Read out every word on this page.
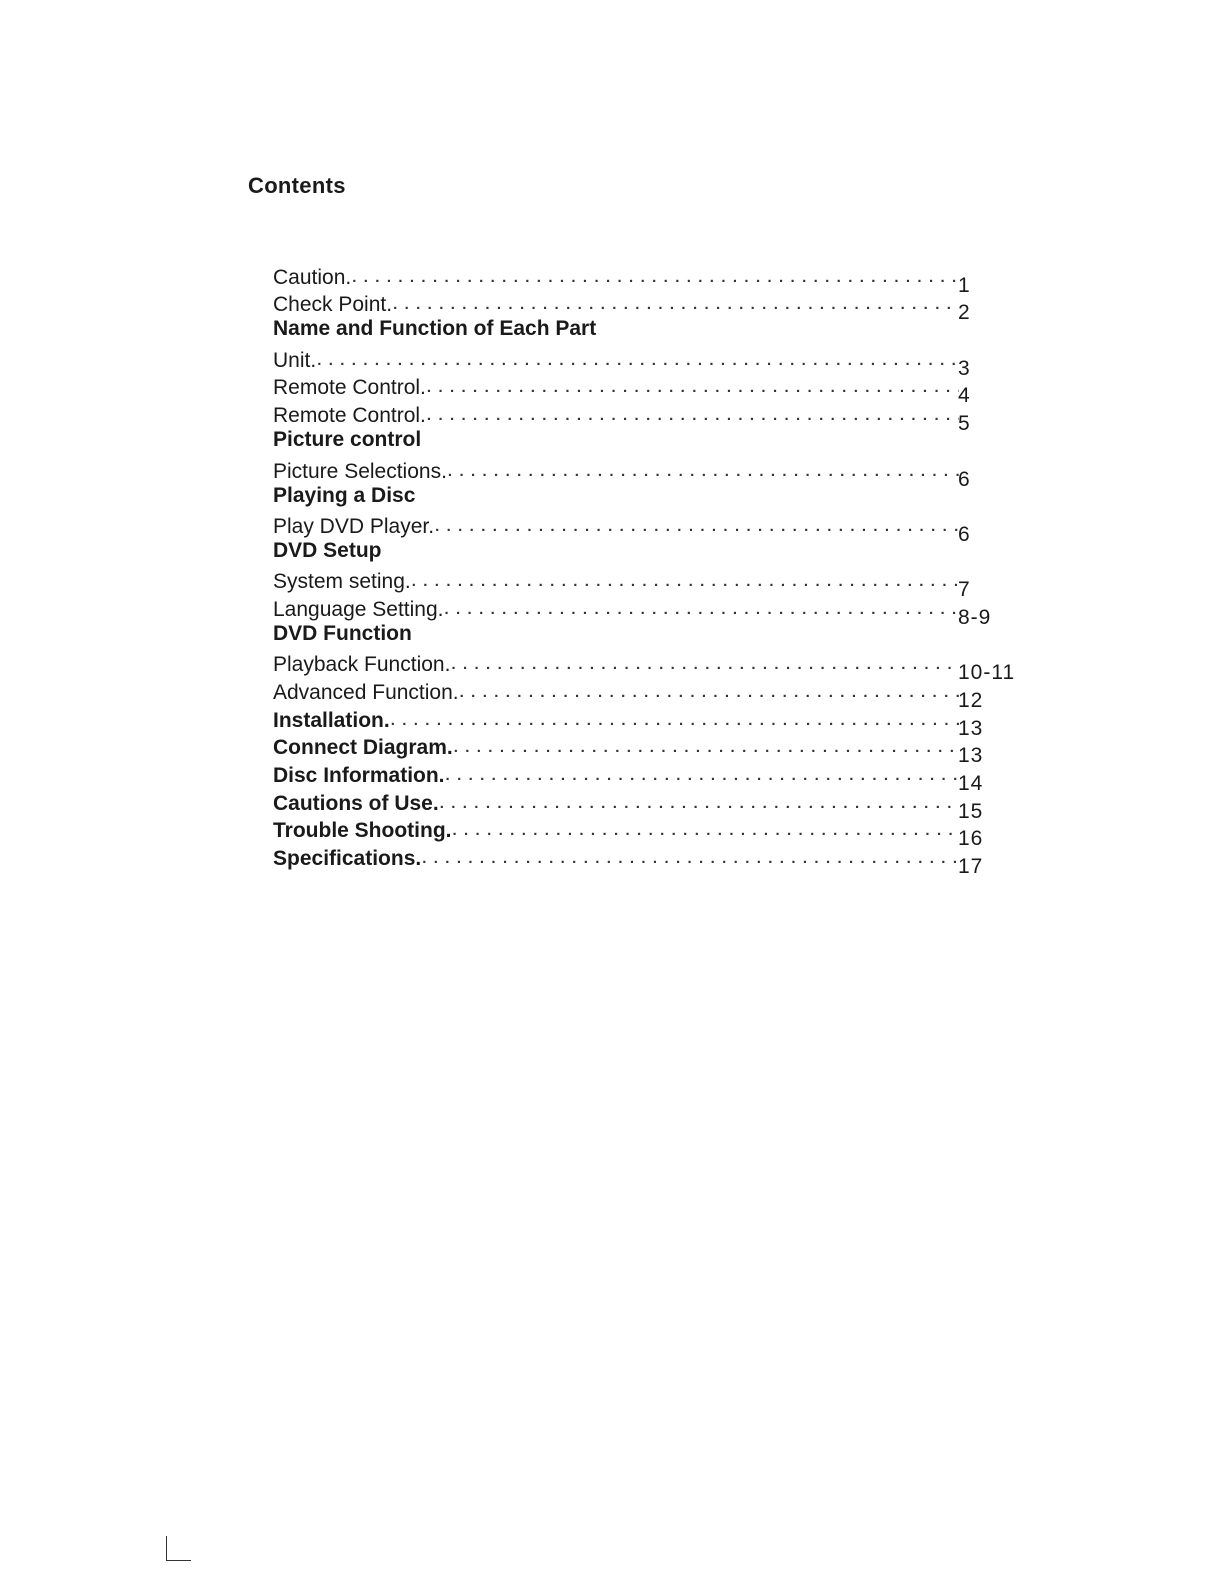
Contents
Caution. . . .	1
Check Point. . . .	2
Name and Function of Each Part
Unit. . . .	3
Remote Control. . . .	4
Remote Control. . . .	5
Picture control
Picture Selections. . . .	6
Playing a Disc
Play DVD Player. . . .	6
DVD Setup
System seting. . . .	7
Language Setting. . . .	8-9
DVD Function
Playback Function. . . .	10-11
Advanced Function. . . .	12
Installation. . . .	13
Connect Diagram. . . .	13
Disc Information. . . .	14
Cautions of Use. . . .	15
Trouble Shooting. . . .	16
Specifications. . . .	17
